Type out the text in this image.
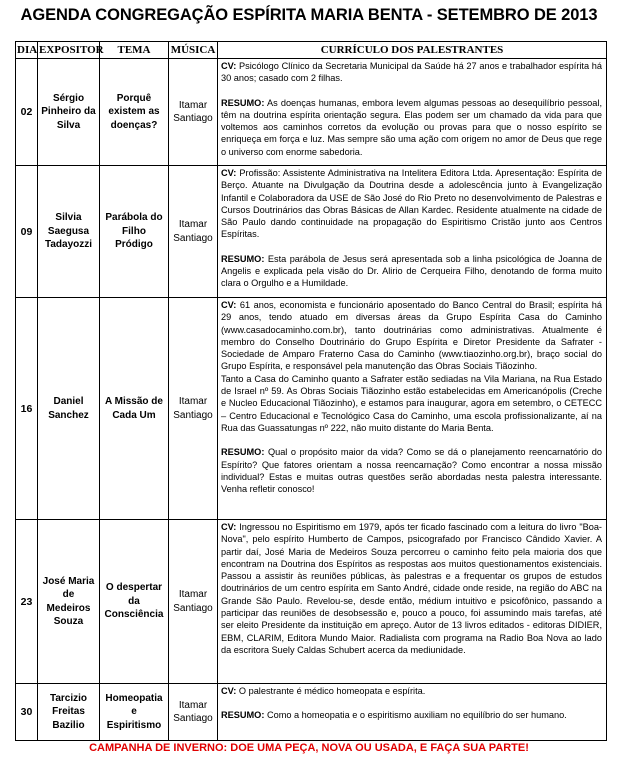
AGENDA CONGREGAÇÃO ESPÍRITA MARIA BENTA - SETEMBRO DE 2013
DIA	EXPOSITOR	TEMA	MÚSICA	CURRÍCULO DOS PALESTRANTES
02	Sérgio Pinheiro da Silva	Porquê existem as doenças?	Itamar Santiago	CV: Psicólogo Clínico da Secretaria Municipal da Saúde há 27 anos e trabalhador espírita há 30 anos; casado com 2 filhas.

RESUMO: As doenças humanas, embora levem algumas pessoas ao desequilíbrio pessoal, têm na doutrina espírita orientação segura. Elas podem ser um chamado da vida para que voltemos aos caminhos corretos da evolução ou provas para que o nosso espírito se enriqueça em força e luz. Mas sempre são uma ação com origem no amor de Deus que rege o universo com enorme sabedoria.

09	Silvia Saegusa Tadayozzi	Parábola do Filho Pródigo	Itamar Santiago	CV: Profissão: Assistente Administrativa na Intelitera Editora Ltda. Apresentação: Espírita de Berço. Atuante na Divulgação da Doutrina desde a adolescência junto à Evangelização Infantil e Colaboradora da USE de São José do Rio Preto no desenvolvimento de Palestras e Cursos Doutrinários das Obras Básicas de Allan Kardec. Residente atualmente na cidade de São Paulo dando continuidade na propagação do Espiritismo Cristão junto aos Centros Espíritas.

RESUMO: Esta parábola de Jesus será apresentada sob a linha psicológica de Joanna de Angelis e explicada pela visão do Dr. Alirio de Cerqueira Filho, denotando de forma muito clara o Orgulho e a Humildade.

16	Daniel Sanchez	A Missão de Cada Um	Itamar Santiago	CV: 61 anos, economista e funcionário aposentado do Banco Central do Brasil; espírita há 29 anos, tendo atuado em diversas áreas da Grupo Espírita Casa do Caminho (www.casadocaminho.com.br), tanto doutrinárias como administrativas. Atualmente é membro do Conselho Doutrinário do Grupo Espírita e Diretor Presidente da Safrater - Sociedade de Amparo Fraterno Casa do Caminho (www.tiaozinho.org.br), braço social do Grupo Espírita, e responsável pela manutenção das Obras Sociais Tiãozinho.

Tanto a Casa do Caminho quanto a Safrater estão sediadas na Vila Mariana, na Rua Estado de Israel nº 59. As Obras Sociais Tiãozinho estão estabelecidas em Americanópolis (Creche e Nucleo Educacional Tiãozinho), e estamos para inaugurar, agora em setembro, o CETECC – Centro Educacional e Tecnológico Casa do Caminho, uma escola profissionalizante, aí na Rua das Guassatungas nº 222, não muito distante do Maria Benta.

RESUMO: Qual o propósito maior da vida? Como se dá o planejamento reencarnatório do Espírito? Que fatores orientam a nossa reencarnação? Como encontrar a nossa missão individual? Estas e muitas outras questões serão abordadas nesta palestra interessante. Venha refletir conosco!

23	José Maria de Medeiros Souza	O despertar da Consciência	Itamar Santiago	CV: Ingressou no Espiritismo em 1979, após ter ficado fascinado com a leitura do livro "Boa-Nova", pelo espírito Humberto de Campos, psicografado por Francisco Cândido Xavier. A partir daí, José Maria de Medeiros Souza percorreu o caminho feito pela maioria dos que encontram na Doutrina dos Espíritos as respostas aos muitos questionamentos existenciais. Passou a assistir às reuniões públicas, às palestras e a frequentar os grupos de estudos doutrinários de um centro espírita em Santo André, cidade onde reside, na região do ABC na Grande São Paulo. Revelou-se, desde então, médium intuitivo e psicofônico, passando a participar das reuniões de desobsessão e, pouco a pouco, foi assumindo mais tarefas, até ser eleito Presidente da instituição em apreço. Autor de 13 livros editados - editoras DIDIER, EBM, CLARIM, Editora Mundo Maior. Radialista com programa na Radio Boa Nova ao lado da escritora Suely Caldas Schubert acerca da mediunidade.

30	Tarcizio Freitas Bazilio	Homeopatia e Espiritismo	Itamar Santiago	CV: O palestrante é médico homeopata e espírita.

RESUMO: Como a homeopatia e o espiritismo auxiliam no equilíbrio do ser humano.

CAMPANHA DE INVERNO: DOE UMA PEÇA, NOVA OU USADA, E FAÇA SUA PARTE!
